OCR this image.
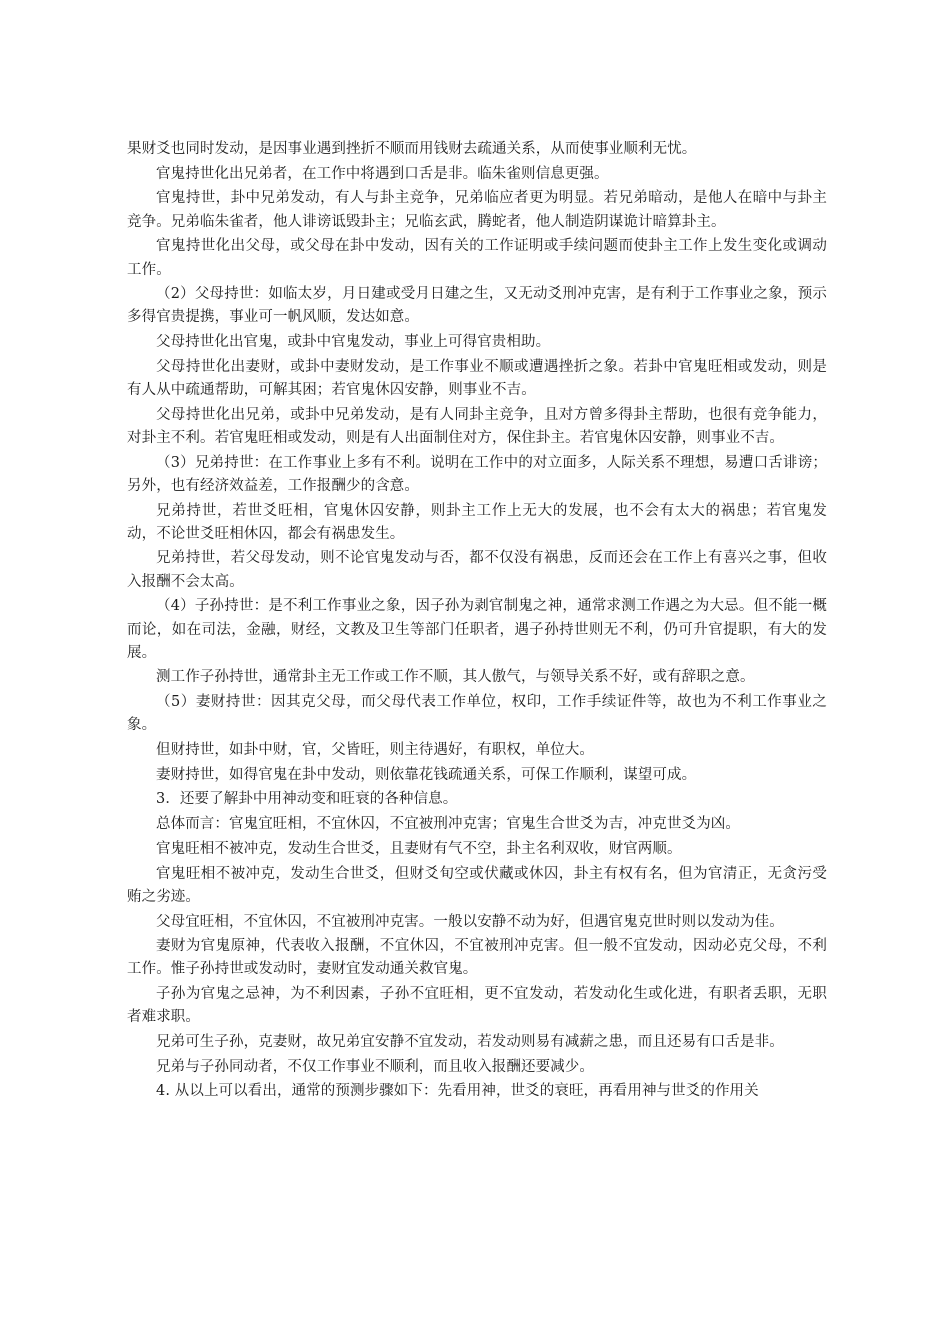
果财爻也同时发动，是因事业遇到挫折不顺而用钱财去疏通关系，从而使事业顺利无忧。

官鬼持世化出兄弟者，在工作中将遇到口舌是非。临朱雀则信息更强。

官鬼持世，卦中兄弟发动，有人与卦主竞争，兄弟临应者更为明显。若兄弟暗动，是他人在暗中与卦主竞争。兄弟临朱雀者，他人诽谤诋毁卦主；兄临玄武，腾蛇者，他人制造阴谋诡计暗算卦主。

官鬼持世化出父母，或父母在卦中发动，因有关的工作证明或手续问题而使卦主工作上发生变化或调动工作。

（2）父母持世：如临太岁，月日建或受月日建之生，又无动爻刑冲克害，是有利于工作事业之象，预示多得官贵提携，事业可一帆风顺，发达如意。

父母持世化出官鬼，或卦中官鬼发动，事业上可得官贵相助。

父母持世化出妻财，或卦中妻财发动，是工作事业不顺或遭遇挫折之象。若卦中官鬼旺相或发动，则是有人从中疏通帮助，可解其困；若官鬼休囚安静，则事业不吉。

父母持世化出兄弟，或卦中兄弟发动，是有人同卦主竞争，且对方曾多得卦主帮助，也很有竞争能力，对卦主不利。若官鬼旺相或发动，则是有人出面制住对方，保住卦主。若官鬼休囚安静，则事业不吉。

（3）兄弟持世：在工作事业上多有不利。说明在工作中的对立面多，人际关系不理想，易遭口舌诽谤；另外，也有经济效益差，工作报酬少的含意。

兄弟持世，若世爻旺相，官鬼休囚安静，则卦主工作上无大的发展，也不会有太大的祸患；若官鬼发动，不论世爻旺相休囚，都会有祸患发生。

兄弟持世，若父母发动，则不论官鬼发动与否，都不仅没有祸患，反而还会在工作上有喜兴之事，但收入报酬不会太高。

（4）子孙持世：是不利工作事业之象，因子孙为剥官制鬼之神，通常求测工作遇之为大忌。但不能一概而论，如在司法，金融，财经，文教及卫生等部门任职者，遇子孙持世则无不利，仍可升官提职，有大的发展。

测工作子孙持世，通常卦主无工作或工作不顺，其人傲气，与领导关系不好，或有辞职之意。

（5）妻财持世：因其克父母，而父母代表工作单位，权印，工作手续证件等，故也为不利工作事业之象。

但财持世，如卦中财，官，父皆旺，则主待遇好，有职权，单位大。

妻财持世，如得官鬼在卦中发动，则依靠花钱疏通关系，可保工作顺利，谋望可成。

3．还要了解卦中用神动变和旺衰的各种信息。

总体而言：官鬼宜旺相，不宜休囚，不宜被刑冲克害；官鬼生合世爻为吉，冲克世爻为凶。

官鬼旺相不被冲克，发动生合世爻，且妻财有气不空，卦主名利双收，财官两顺。

官鬼旺相不被冲克，发动生合世爻，但财爻旬空或伏藏或休囚，卦主有权有名，但为官清正，无贪污受贿之劣迹。

父母宜旺相，不宜休囚，不宜被刑冲克害。一般以安静不动为好，但遇官鬼克世时则以发动为佳。

妻财为官鬼原神，代表收入报酬，不宜休囚，不宜被刑冲克害。但一般不宜发动，因动必克父母，不利工作。惟子孙持世或发动时，妻财宜发动通关救官鬼。

子孙为官鬼之忌神，为不利因素，子孙不宜旺相，更不宜发动，若发动化生或化进，有职者丢职，无职者难求职。

兄弟可生子孙，克妻财，故兄弟宜安静不宜发动，若发动则易有减薪之患，而且还易有口舌是非。

兄弟与子孙同动者，不仅工作事业不顺利，而且收入报酬还要减少。

4. 从以上可以看出，通常的预测步骤如下：先看用神，世爻的衰旺，再看用神与世爻的作用关
